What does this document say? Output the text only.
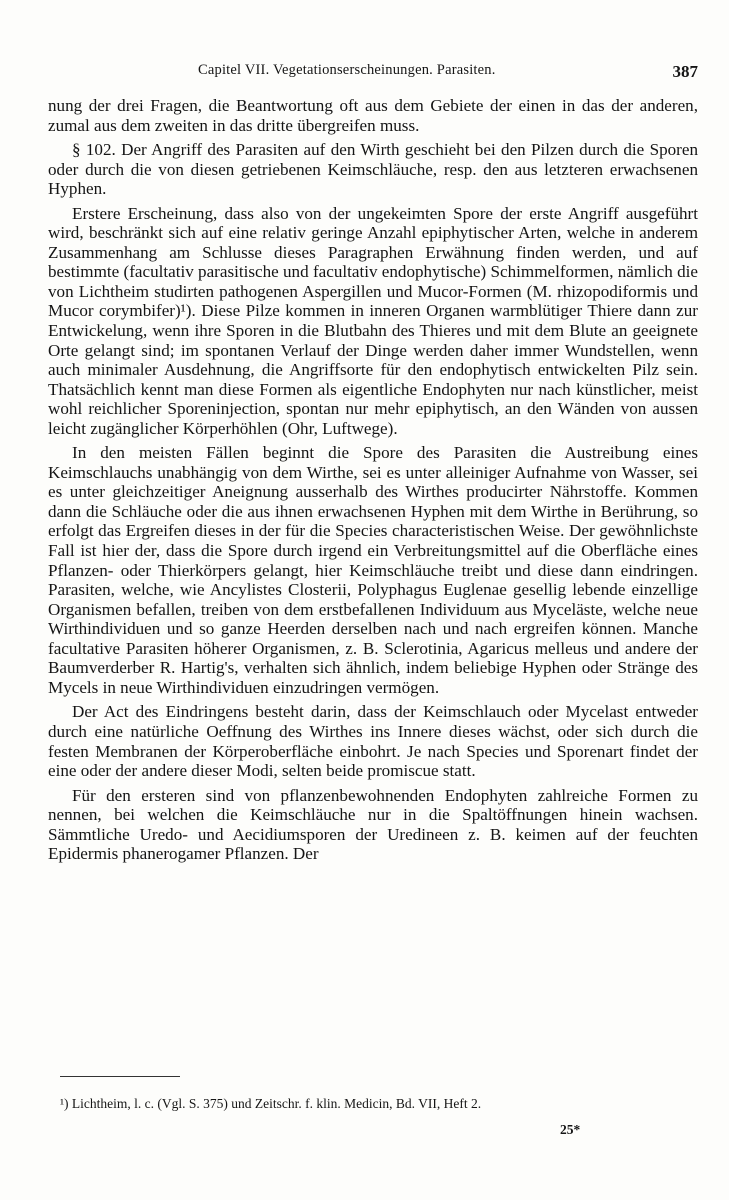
Capitel VII. Vegetationserscheinungen. Parasiten.	387

nung der drei Fragen, die Beantwortung oft aus dem Gebiete der einen in das der anderen, zumal aus dem zweiten in das dritte übergreifen muss.

§ 102. Der Angriff des Parasiten auf den Wirth geschieht bei den Pilzen durch die Sporen oder durch die von diesen getriebenen Keimschläuche, resp. den aus letzteren erwachsenen Hyphen.

Erstere Erscheinung, dass also von der ungekeimten Spore der erste Angriff ausgeführt wird, beschränkt sich auf eine relativ geringe Anzahl epiphytischer Arten, welche in anderem Zusammenhang am Schlusse dieses Paragraphen Erwähnung finden werden, und auf bestimmte (facultativ parasitische und facultativ endophytische) Schimmelformen, nämlich die von Lichtheim studirten pathogenen Aspergillen und Mucor-Formen (M. rhizopodiformis und Mucor corymbifer)¹). Diese Pilze kommen in inneren Organen warmblütiger Thiere dann zur Entwickelung, wenn ihre Sporen in die Blutbahn des Thieres und mit dem Blute an geeignete Orte gelangt sind; im spontanen Verlauf der Dinge werden daher immer Wundstellen, wenn auch minimaler Ausdehnung, die Angriffsorte für den endophytisch entwickelten Pilz sein. Thatsächlich kennt man diese Formen als eigentliche Endophyten nur nach künstlicher, meist wohl reichlicher Sporeninjection, spontan nur mehr epiphytisch, an den Wänden von aussen leicht zugänglicher Körperhöhlen (Ohr, Luftwege).

In den meisten Fällen beginnt die Spore des Parasiten die Austreibung eines Keimschlauchs unabhängig von dem Wirthe, sei es unter alleiniger Aufnahme von Wasser, sei es unter gleichzeitiger Aneignung ausserhalb des Wirthes producirter Nährstoffe. Kommen dann die Schläuche oder die aus ihnen erwachsenen Hyphen mit dem Wirthe in Berührung, so erfolgt das Ergreifen dieses in der für die Species characteristischen Weise. Der gewöhnlichste Fall ist hier der, dass die Spore durch irgend ein Verbreitungsmittel auf die Oberfläche eines Pflanzen- oder Thierkörpers gelangt, hier Keimschläuche treibt und diese dann eindringen. Parasiten, welche, wie Ancylistes Closterii, Polyphagus Euglenae gesellig lebende einzellige Organismen befallen, treiben von dem erstbefallenen Individuum aus Myceläste, welche neue Wirthindividuen und so ganze Heerden derselben nach und nach ergreifen können. Manche facultative Parasiten höherer Organismen, z. B. Sclerotinia, Agaricus melleus und andere der Baumverderber R. Hartig's, verhalten sich ähnlich, indem beliebige Hyphen oder Stränge des Mycels in neue Wirthindividuen einzudringen vermögen.

Der Act des Eindringens besteht darin, dass der Keimschlauch oder Mycelast entweder durch eine natürliche Oeffnung des Wirthes ins Innere dieses wächst, oder sich durch die festen Membranen der Körperoberfläche einbohrt. Je nach Species und Sporenart findet der eine oder der andere dieser Modi, selten beide promiscue statt.

Für den ersteren sind von pflanzenbewohnenden Endophyten zahlreiche Formen zu nennen, bei welchen die Keimschläuche nur in die Spaltöffnungen hinein wachsen. Sämmtliche Uredo- und Aecidiumsporen der Uredineen z. B. keimen auf der feuchten Epidermis phanerogamer Pflanzen. Der

¹) Lichtheim, l. c. (Vgl. S. 375) und Zeitschr. f. klin. Medicin, Bd. VII, Heft 2.
25*
